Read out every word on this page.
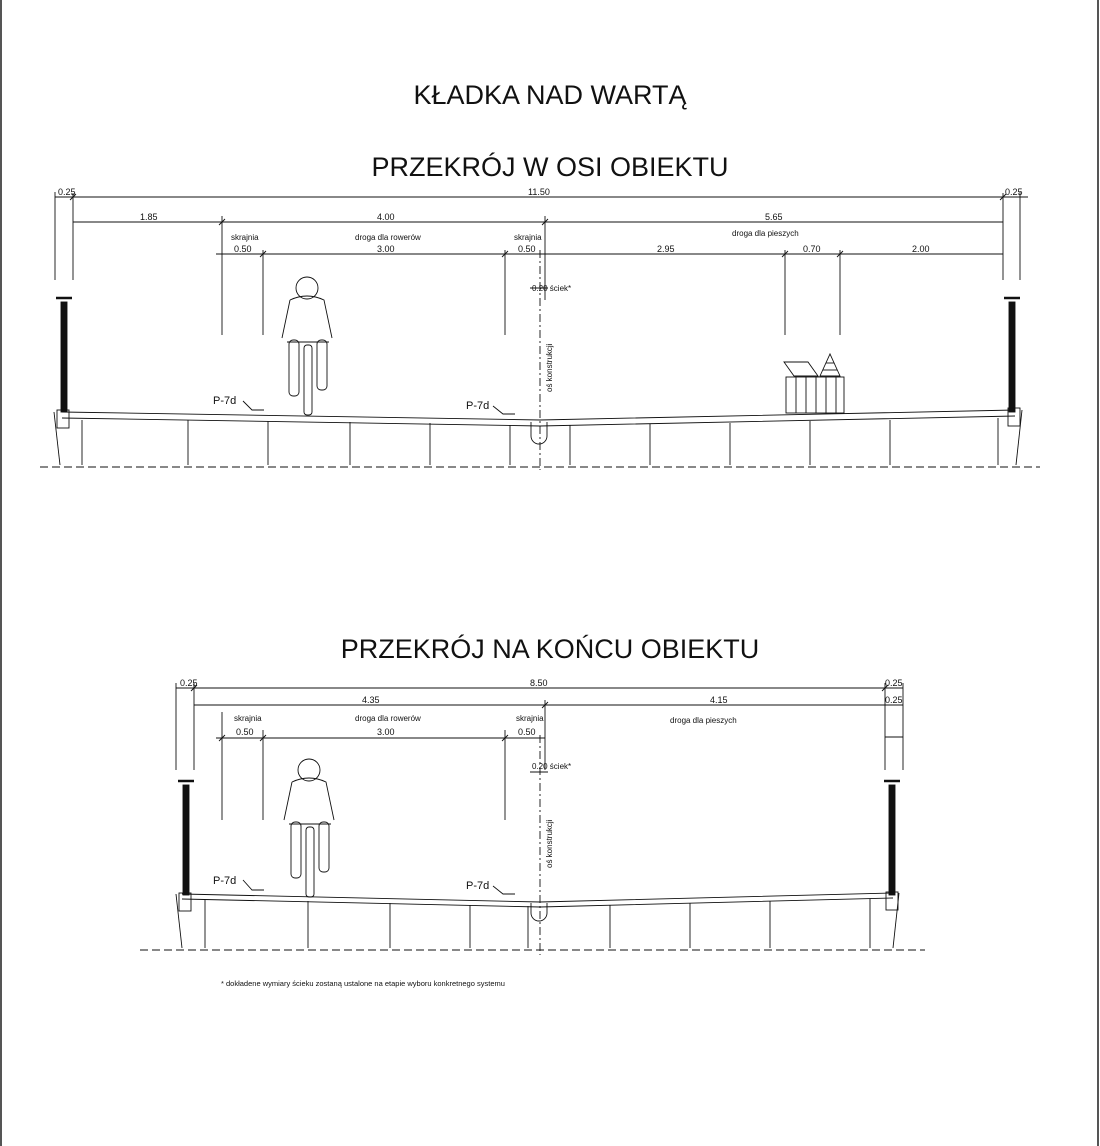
KŁADKA NAD WARTĄ
PRZEKRÓJ W OSI OBIEKTU
PRZEKRÓJ NA KOŃCU OBIEKTU
0.25	11.50	0.25
1.85	4.00	5.65
skrajnia	droga dla rowerów	skrajnia	droga dla pieszych
0.50	3.00	0.50	2.95	0.70	2.00
0.20 ściek*
oś konstrukcji
P-7d	P-7d
0.25	8.50	0.25
4.35	4.15	0.25
skrajnia	droga dla rowerów	skrajnia	droga dla pieszych
0.50	3.00	0.50
0.20 ściek*
oś konstrukcji
P-7d	P-7d
* dokładene wymiary ścieku zostaną ustalone na etapie wyboru konkretnego systemu
